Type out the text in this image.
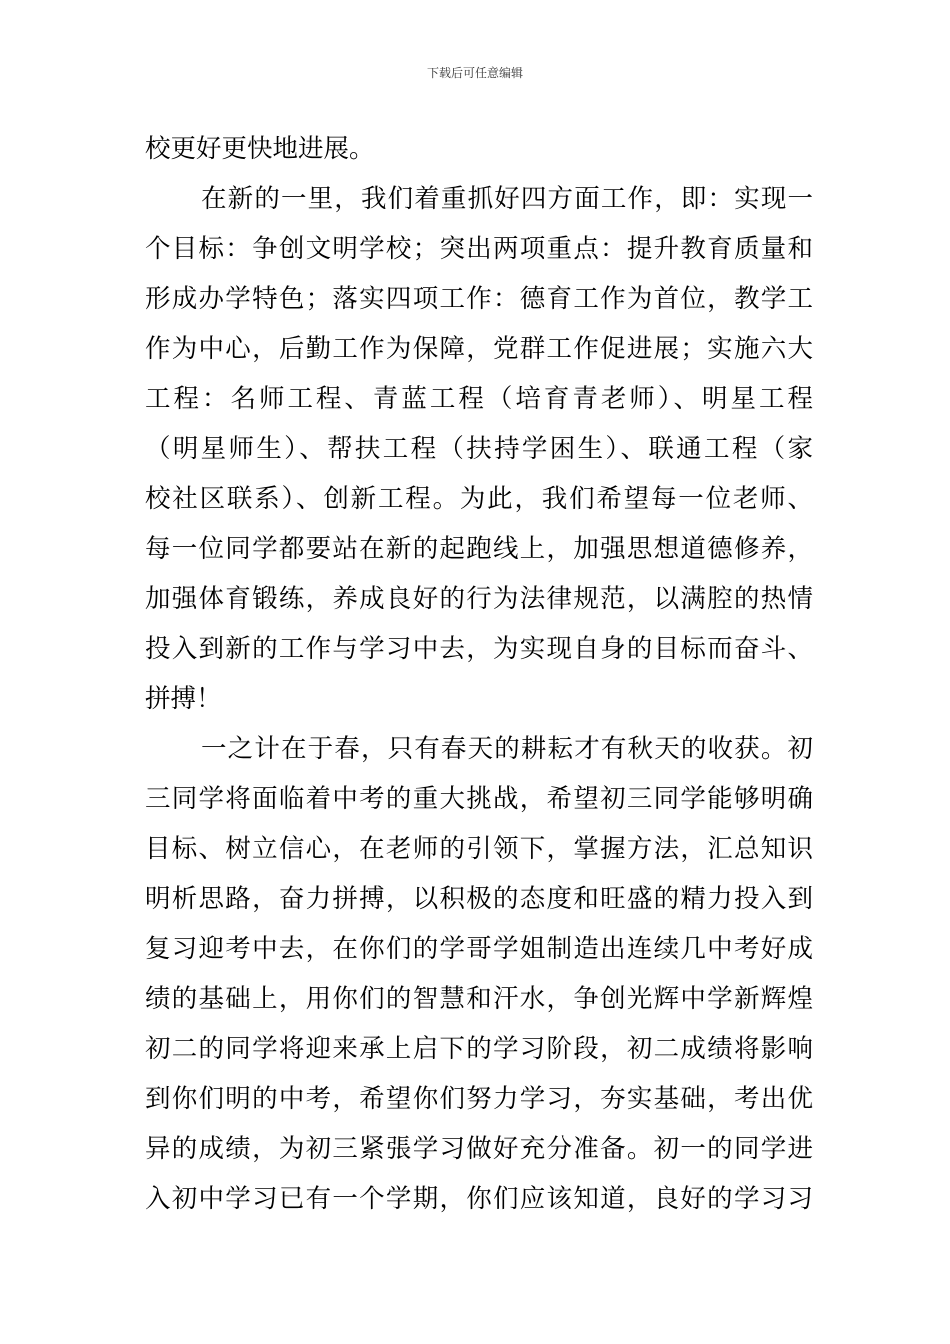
下载后可任意编辑
校更好更快地进展。
在新的一里，我们着重抓好四方面工作，即：实现一
个目标：争创文明学校；突出两项重点：提升教育质量和
形成办学特色；落实四项工作：德育工作为首位，教学工
作为中心，后勤工作为保障，党群工作促进展；实施六大
工程：名师工程、青蓝工程（培育青老师）、明星工程
（明星师生）、帮扶工程（扶持学困生）、联通工程（家
校社区联系）、创新工程。为此，我们希望每一位老师、
每一位同学都要站在新的起跑线上，加强思想道德修养，
加强体育锻练，养成良好的行为法律规范，以满腔的热情
投入到新的工作与学习中去，为实现自身的目标而奋斗、
拼搏！
一之计在于春，只有春天的耕耘才有秋天的收获。初
三同学将面临着中考的重大挑战，希望初三同学能够明确
目标、树立信心，在老师的引领下，掌握方法，汇总知识
明析思路，奋力拼搏，以积极的态度和旺盛的精力投入到
复习迎考中去，在你们的学哥学姐制造出连续几中考好成
绩的基础上，用你们的智慧和汗水，争创光辉中学新辉煌
初二的同学将迎来承上启下的学习阶段，初二成绩将影响
到你们明的中考，希望你们努力学习，夯实基础，考出优
异的成绩，为初三紧張学习做好充分准备。初一的同学进
入初中学习已有一个学期，你们应该知道，良好的学习习
